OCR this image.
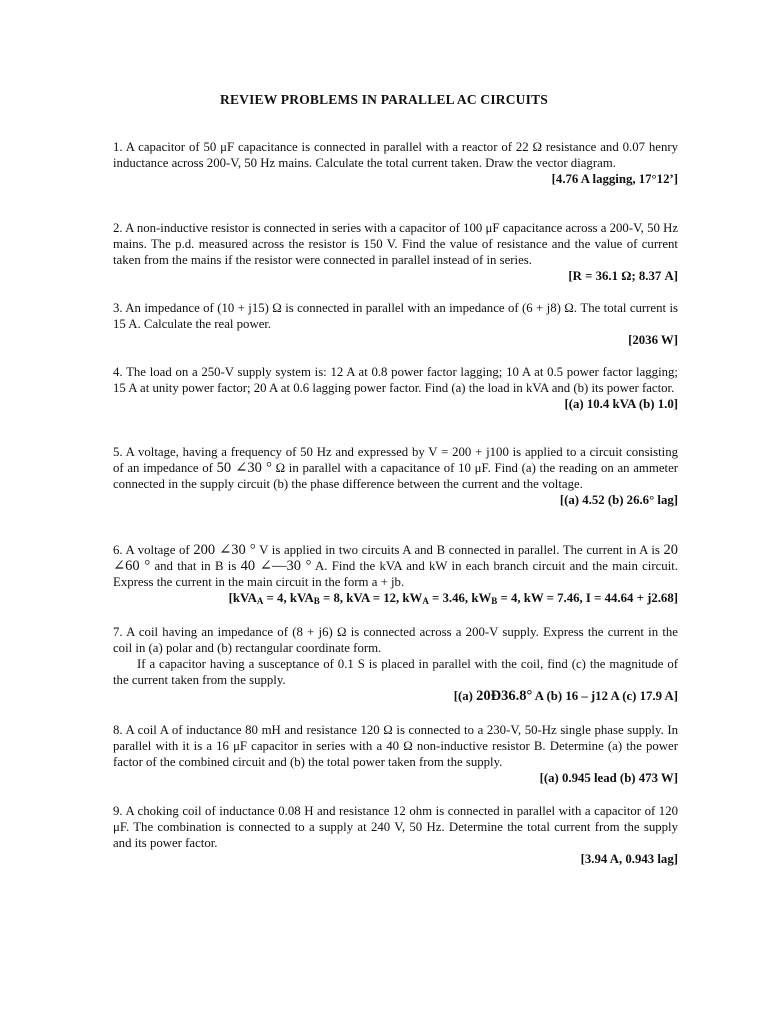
REVIEW PROBLEMS IN PARALLEL AC CIRCUITS

1. A capacitor of 50 μF capacitance is connected in parallel with a reactor of 22 Ω resistance and 0.07 henry inductance across 200-V, 50 Hz mains. Calculate the total current taken. Draw the vector diagram.

[4.76 A lagging, 17°12’]

2. A non-inductive resistor is connected in series with a capacitor of 100 μF capacitance across a 200-V, 50 Hz mains. The p.d. measured across the resistor is 150 V. Find the value of resistance and the value of current taken from the mains if the resistor were connected in parallel instead of in series.

[R = 36.1 Ω; 8.37 A]

3. An impedance of (10 + j15) Ω is connected in parallel with an impedance of (6 + j8) Ω. The total current is 15 A. Calculate the real power.

[2036 W]

4. The load on a 250-V supply system is: 12 A at 0.8 power factor lagging; 10 A at 0.5 power factor lagging; 15 A at unity power factor; 20 A at 0.6 lagging power factor. Find (a) the load in kVA and (b) its power factor.

[(a) 10.4 kVA (b) 1.0]

5. A voltage, having a frequency of 50 Hz and expressed by V = 200 + j100 is applied to a circuit consisting of an impedance of 50 ∠30 ° Ω in parallel with a capacitance of 10 μF. Find (a) the reading on an ammeter connected in the supply circuit (b) the phase difference between the current and the voltage.

[(a) 4.52 (b) 26.6° lag]

6. A voltage of 200 ∠30 ° V is applied in two circuits A and B connected in parallel. The current in A is 20 ∠60 ° and that in B is 40 ∠—30 ° A. Find the kVA and kW in each branch circuit and the main circuit. Express the current in the main circuit in the form a + jb.

[kVA$_A$ = 4, kVA$_B$ = 8, kVA = 12, $kW_A = 3.46$, $kW_B = 4$, kW = 7.46, I = 44.64 + j2.68]

7. A coil having an impedance of (8 + j6) Ω is connected across a 200-V supply. Express the current in the coil in (a) polar and (b) rectangular coordinate form.

If a capacitor having a susceptance of 0.1 S is placed in parallel with the coil, find (c) the magnitude of the current taken from the supply.

[(a) 20Ð36.8° A (b) 16 – j12 A (c) 17.9 A]

8. A coil A of inductance 80 mH and resistance 120 Ω is connected to a 230-V, 50-Hz single phase supply. In parallel with it is a 16 μF capacitor in series with a 40 Ω non-inductive resistor B. Determine (a) the power factor of the combined circuit and (b) the total power taken from the supply.

[(a) 0.945 lead (b) 473 W]

9. A choking coil of inductance 0.08 H and resistance 12 ohm is connected in parallel with a capacitor of 120 μF. The combination is connected to a supply at 240 V, 50 Hz. Determine the total current from the supply and its power factor.

[3.94 A, 0.943 lag]
